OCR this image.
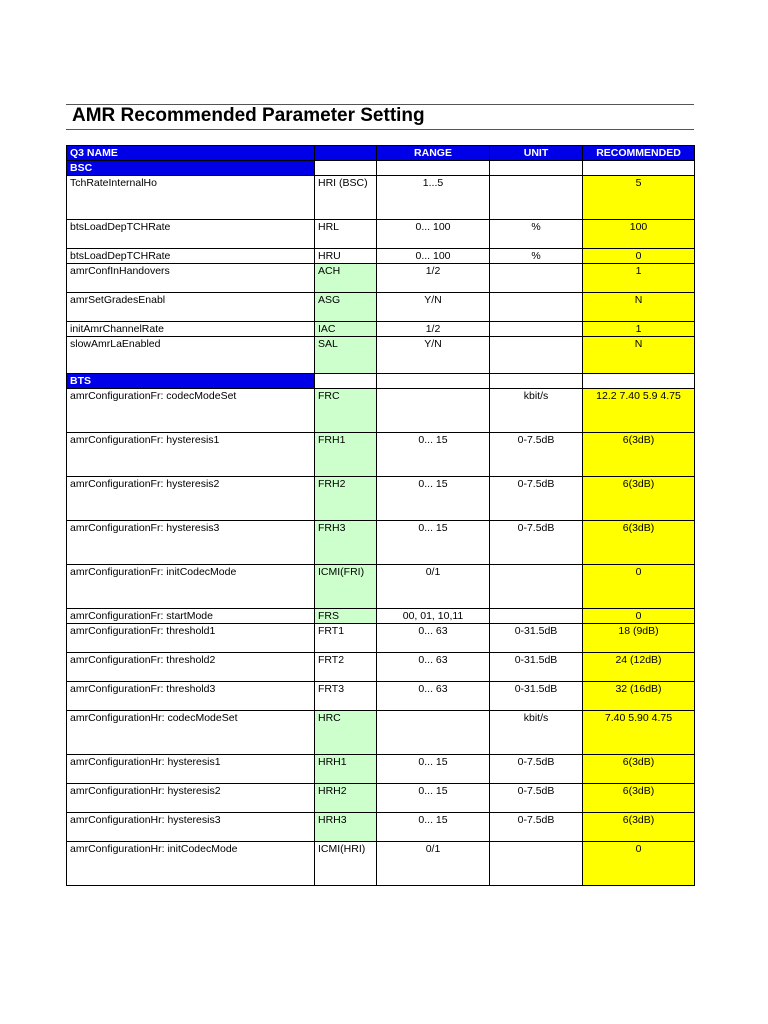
AMR Recommended Parameter Setting
Q3 NAME		RANGE	UNIT	RECOMMENDED
BSC				
TchRateInternalHo	HRI (BSC)	1...5		5
btsLoadDepTCHRate	HRL	0... 100	%	100
btsLoadDepTCHRate	HRU	0... 100	%	0
amrConfInHandovers	ACH	1/2		1
amrSetGradesEnabl	ASG	Y/N		N
initAmrChannelRate	IAC	1/2		1
slowAmrLaEnabled	SAL	Y/N		N
BTS				
amrConfigurationFr: codecModeSet	FRC		kbit/s	12.2 7.40 5.9 4.75
amrConfigurationFr: hysteresis1	FRH1	0... 15	0-7.5dB	6(3dB)
amrConfigurationFr: hysteresis2	FRH2	0... 15	0-7.5dB	6(3dB)
amrConfigurationFr: hysteresis3	FRH3	0... 15	0-7.5dB	6(3dB)
amrConfigurationFr: initCodecMode	ICMI(FRI)	0/1		0
amrConfigurationFr: startMode	FRS	00, 01, 10,11		0
amrConfigurationFr: threshold1	FRT1	0... 63	0-31.5dB	18 (9dB)
amrConfigurationFr: threshold2	FRT2	0... 63	0-31.5dB	24 (12dB)
amrConfigurationFr: threshold3	FRT3	0... 63	0-31.5dB	32 (16dB)
amrConfigurationHr: codecModeSet	HRC		kbit/s	7.40 5.90 4.75
amrConfigurationHr: hysteresis1	HRH1	0... 15	0-7.5dB	6(3dB)
amrConfigurationHr: hysteresis2	HRH2	0... 15	0-7.5dB	6(3dB)
amrConfigurationHr: hysteresis3	HRH3	0... 15	0-7.5dB	6(3dB)
amrConfigurationHr: initCodecMode	ICMI(HRI)	0/1		0
